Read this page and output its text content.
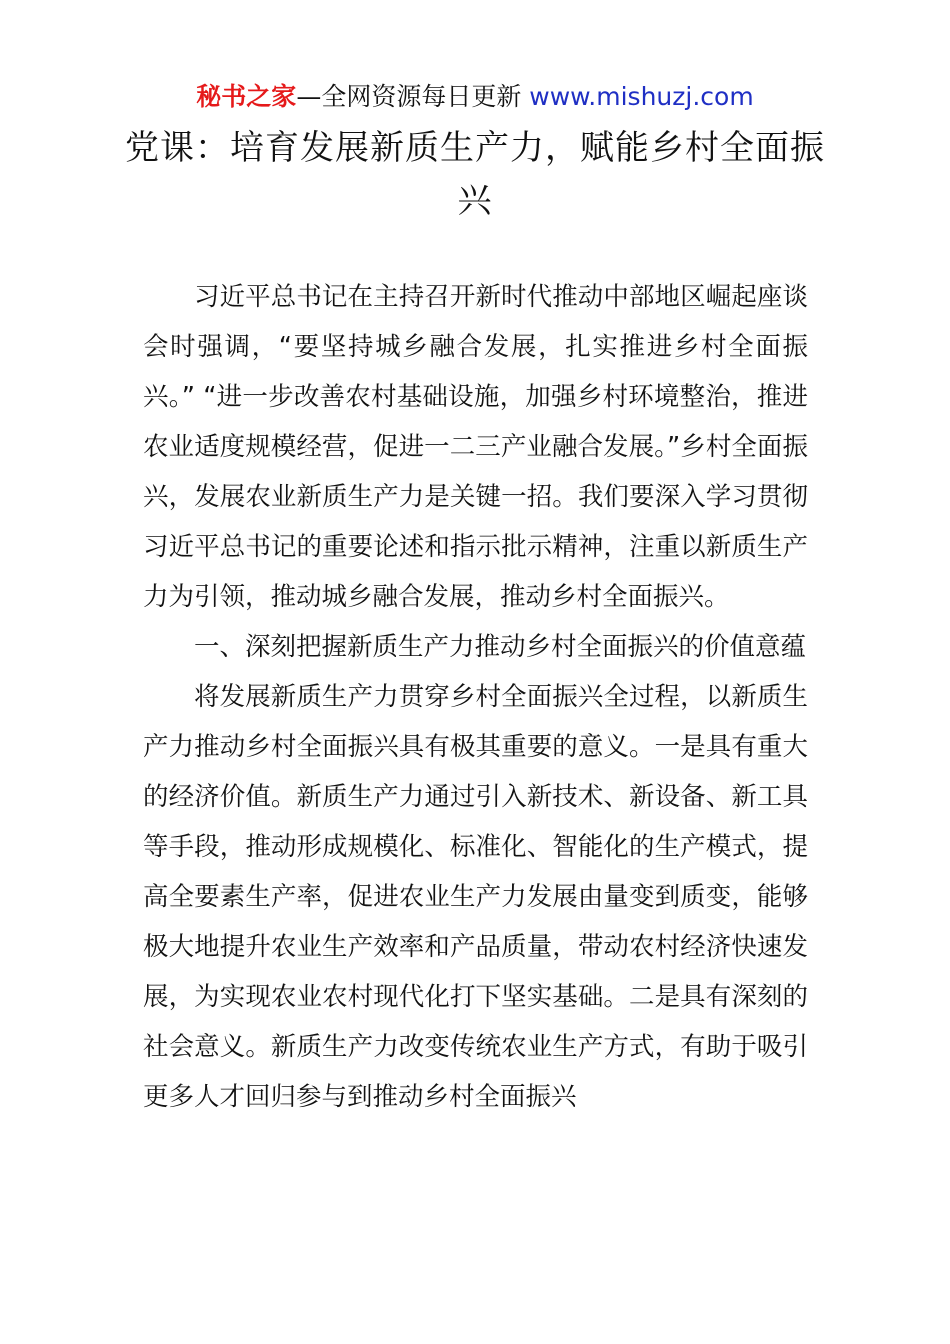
秘书之家—全网资源每日更新 www.mishuzj.com
党课：培育发展新质生产力，赋能乡村全面振兴

习近平总书记在主持召开新时代推动中部地区崛起座谈会时强调，“要坚持城乡融合发展，扎实推进乡村全面振兴。” “进一步改善农村基础设施，加强乡村环境整治，推进农业适度规模经营，促进一二三产业融合发展。”乡村全面振兴，发展农业新质生产力是关键一招。我们要深入学习贯彻习近平总书记的重要论述和指示批示精神，注重以新质生产力为引领，推动城乡融合发展，推动乡村全面振兴。

一、深刻把握新质生产力推动乡村全面振兴的价值意蕴

将发展新质生产力贯穿乡村全面振兴全过程，以新质生产力推动乡村全面振兴具有极其重要的意义。一是具有重大的经济价值。新质生产力通过引入新技术、新设备、新工具等手段，推动形成规模化、标准化、智能化的生产模式，提高全要素生产率，促进农业生产力发展由量变到质变，能够极大地提升农业生产效率和产品质量，带动农村经济快速发展，为实现农业农村现代化打下坚实基础。二是具有深刻的社会意义。新质生产力改变传统农业生产方式，有助于吸引更多人才回归参与到推动乡村全面振兴
